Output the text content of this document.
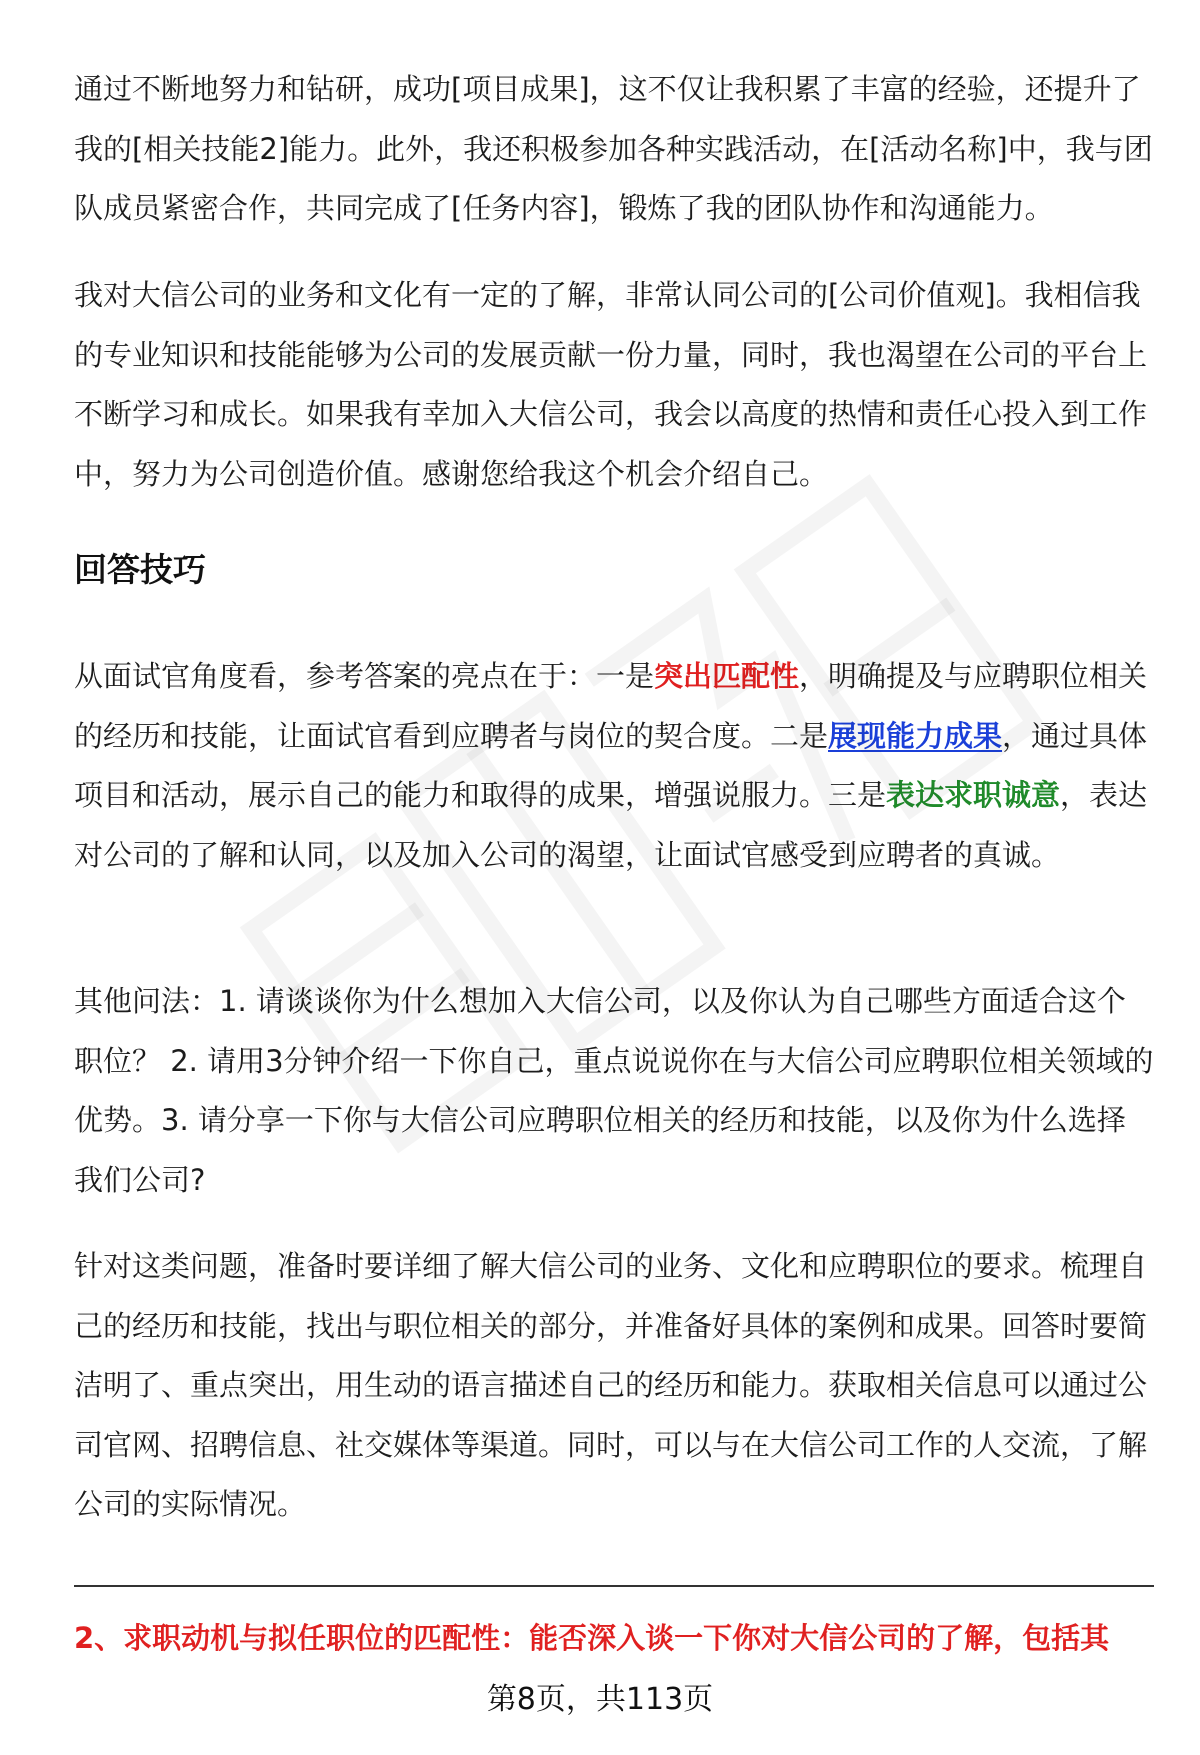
通过不断地努力和钻研，成功[项目成果]，这不仅让我积累了丰富的经验，还提升了我的[相关技能2]能力。此外，我还积极参加各种实践活动，在[活动名称]中，我与团队成员紧密合作，共同完成了[任务内容]，锻炼了我的团队协作和沟通能力。

我对大信公司的业务和文化有一定的了解，非常认同公司的[公司价值观]。我相信我的专业知识和技能能够为公司的发展贡献一份力量，同时，我也渴望在公司的平台上不断学习和成长。如果我有幸加入大信公司，我会以高度的热情和责任心投入到工作中，努力为公司创造价值。感谢您给我这个机会介绍自己。

回答技巧

从面试官角度看，参考答案的亮点在于：一是突出匹配性，明确提及与应聘职位相关的经历和技能，让面试官看到应聘者与岗位的契合度。二是展现能力成果，通过具体项目和活动，展示自己的能力和取得的成果，增强说服力。三是表达求职诚意，表达对公司的了解和认同，以及加入公司的渴望，让面试官感受到应聘者的真诚。

其他问法：1. 请谈谈你为什么想加入大信公司，以及你认为自己哪些方面适合这个职位？ 2. 请用3分钟介绍一下你自己，重点说说你在与大信公司应聘职位相关领域的优势。3. 请分享一下你与大信公司应聘职位相关的经历和技能，以及你为什么选择我们公司?

针对这类问题，准备时要详细了解大信公司的业务、文化和应聘职位的要求。梳理自己的经历和技能，找出与职位相关的部分，并准备好具体的案例和成果。回答时要简洁明了、重点突出，用生动的语言描述自己的经历和能力。获取相关信息可以通过公司官网、招聘信息、社交媒体等渠道。同时，可以与在大信公司工作的人交流，了解公司的实际情况。

2、求职动机与拟任职位的匹配性：能否深入谈一下你对大信公司的了解，包括其

第8页，共113页
